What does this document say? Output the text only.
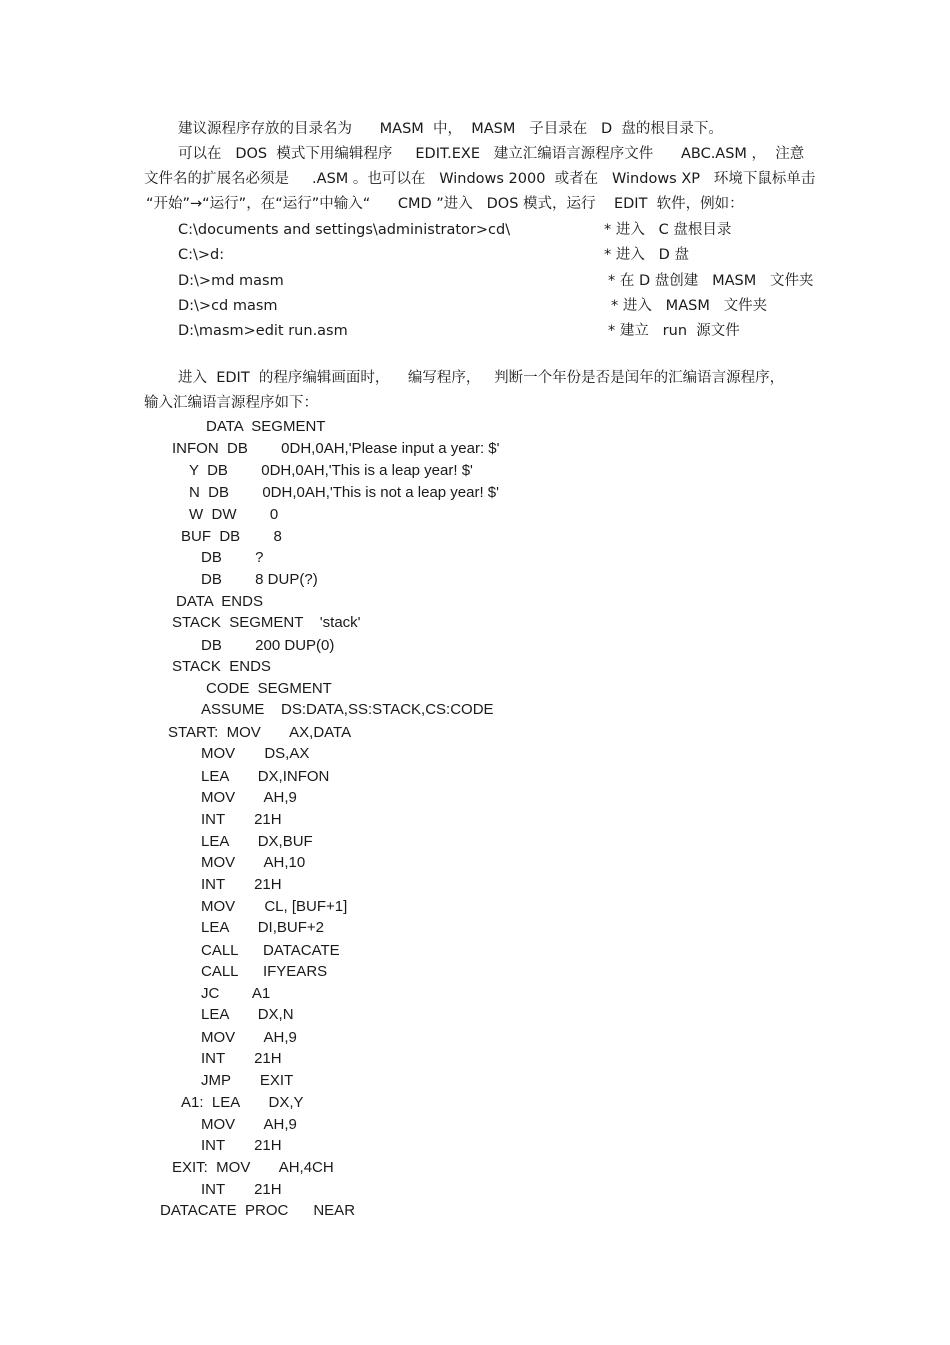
建议源程序存放的目录名为      MASM  中，  MASM   子目录在   D  盘的根目录下。
可以在   DOS  模式下用编辑程序     EDIT.EXE   建立汇编语言源程序文件      ABC.ASM ，  注意
文件名的扩展名必须是     .ASM 。也可以在   Windows 2000  或者在   Windows XP   环境下鼠标单击
“开始”→“运行”，在“运行”中输入“      CMD ”进入   DOS 模式，运行    EDIT  软件，例如：
C:\documents and settings\administrator>cd\	* 进入   C 盘根目录
C:\>d:	* 进入   D 盘
D:\>md masm	* 在 D 盘创建   MASM   文件夹
D:\>cd masm	* 进入   MASM   文件夹
D:\masm>edit run.asm	* 建立   run  源文件
进入  EDIT  的程序编辑画面时，    编写程序，   判断一个年份是否是闰年的汇编语言源程序，
输入汇编语言源程序如下：
DATA  SEGMENT
INFON  DB        0DH,0AH,'Please input a year: $'
Y  DB        0DH,0AH,'This is a leap year! $'
N  DB        0DH,0AH,'This is not a leap year! $'
W  DW        0
BUF  DB        8
DB        ?
DB        8 DUP(?)
DATA  ENDS
STACK  SEGMENT    'stack'
DB        200 DUP(0)
STACK  ENDS
CODE  SEGMENT
ASSUME    DS:DATA,SS:STACK,CS:CODE
START:  MOV       AX,DATA
MOV       DS,AX
LEA       DX,INFON
MOV       AH,9
INT       21H
LEA       DX,BUF
MOV       AH,10
INT       21H
MOV       CL, [BUF+1]
LEA       DI,BUF+2
CALL      DATACATE
CALL      IFYEARS
JC        A1
LEA       DX,N
MOV       AH,9
INT       21H
JMP       EXIT
A1:  LEA       DX,Y
MOV       AH,9
INT       21H
EXIT:  MOV       AH,4CH
INT       21H
DATACATE  PROC      NEAR
